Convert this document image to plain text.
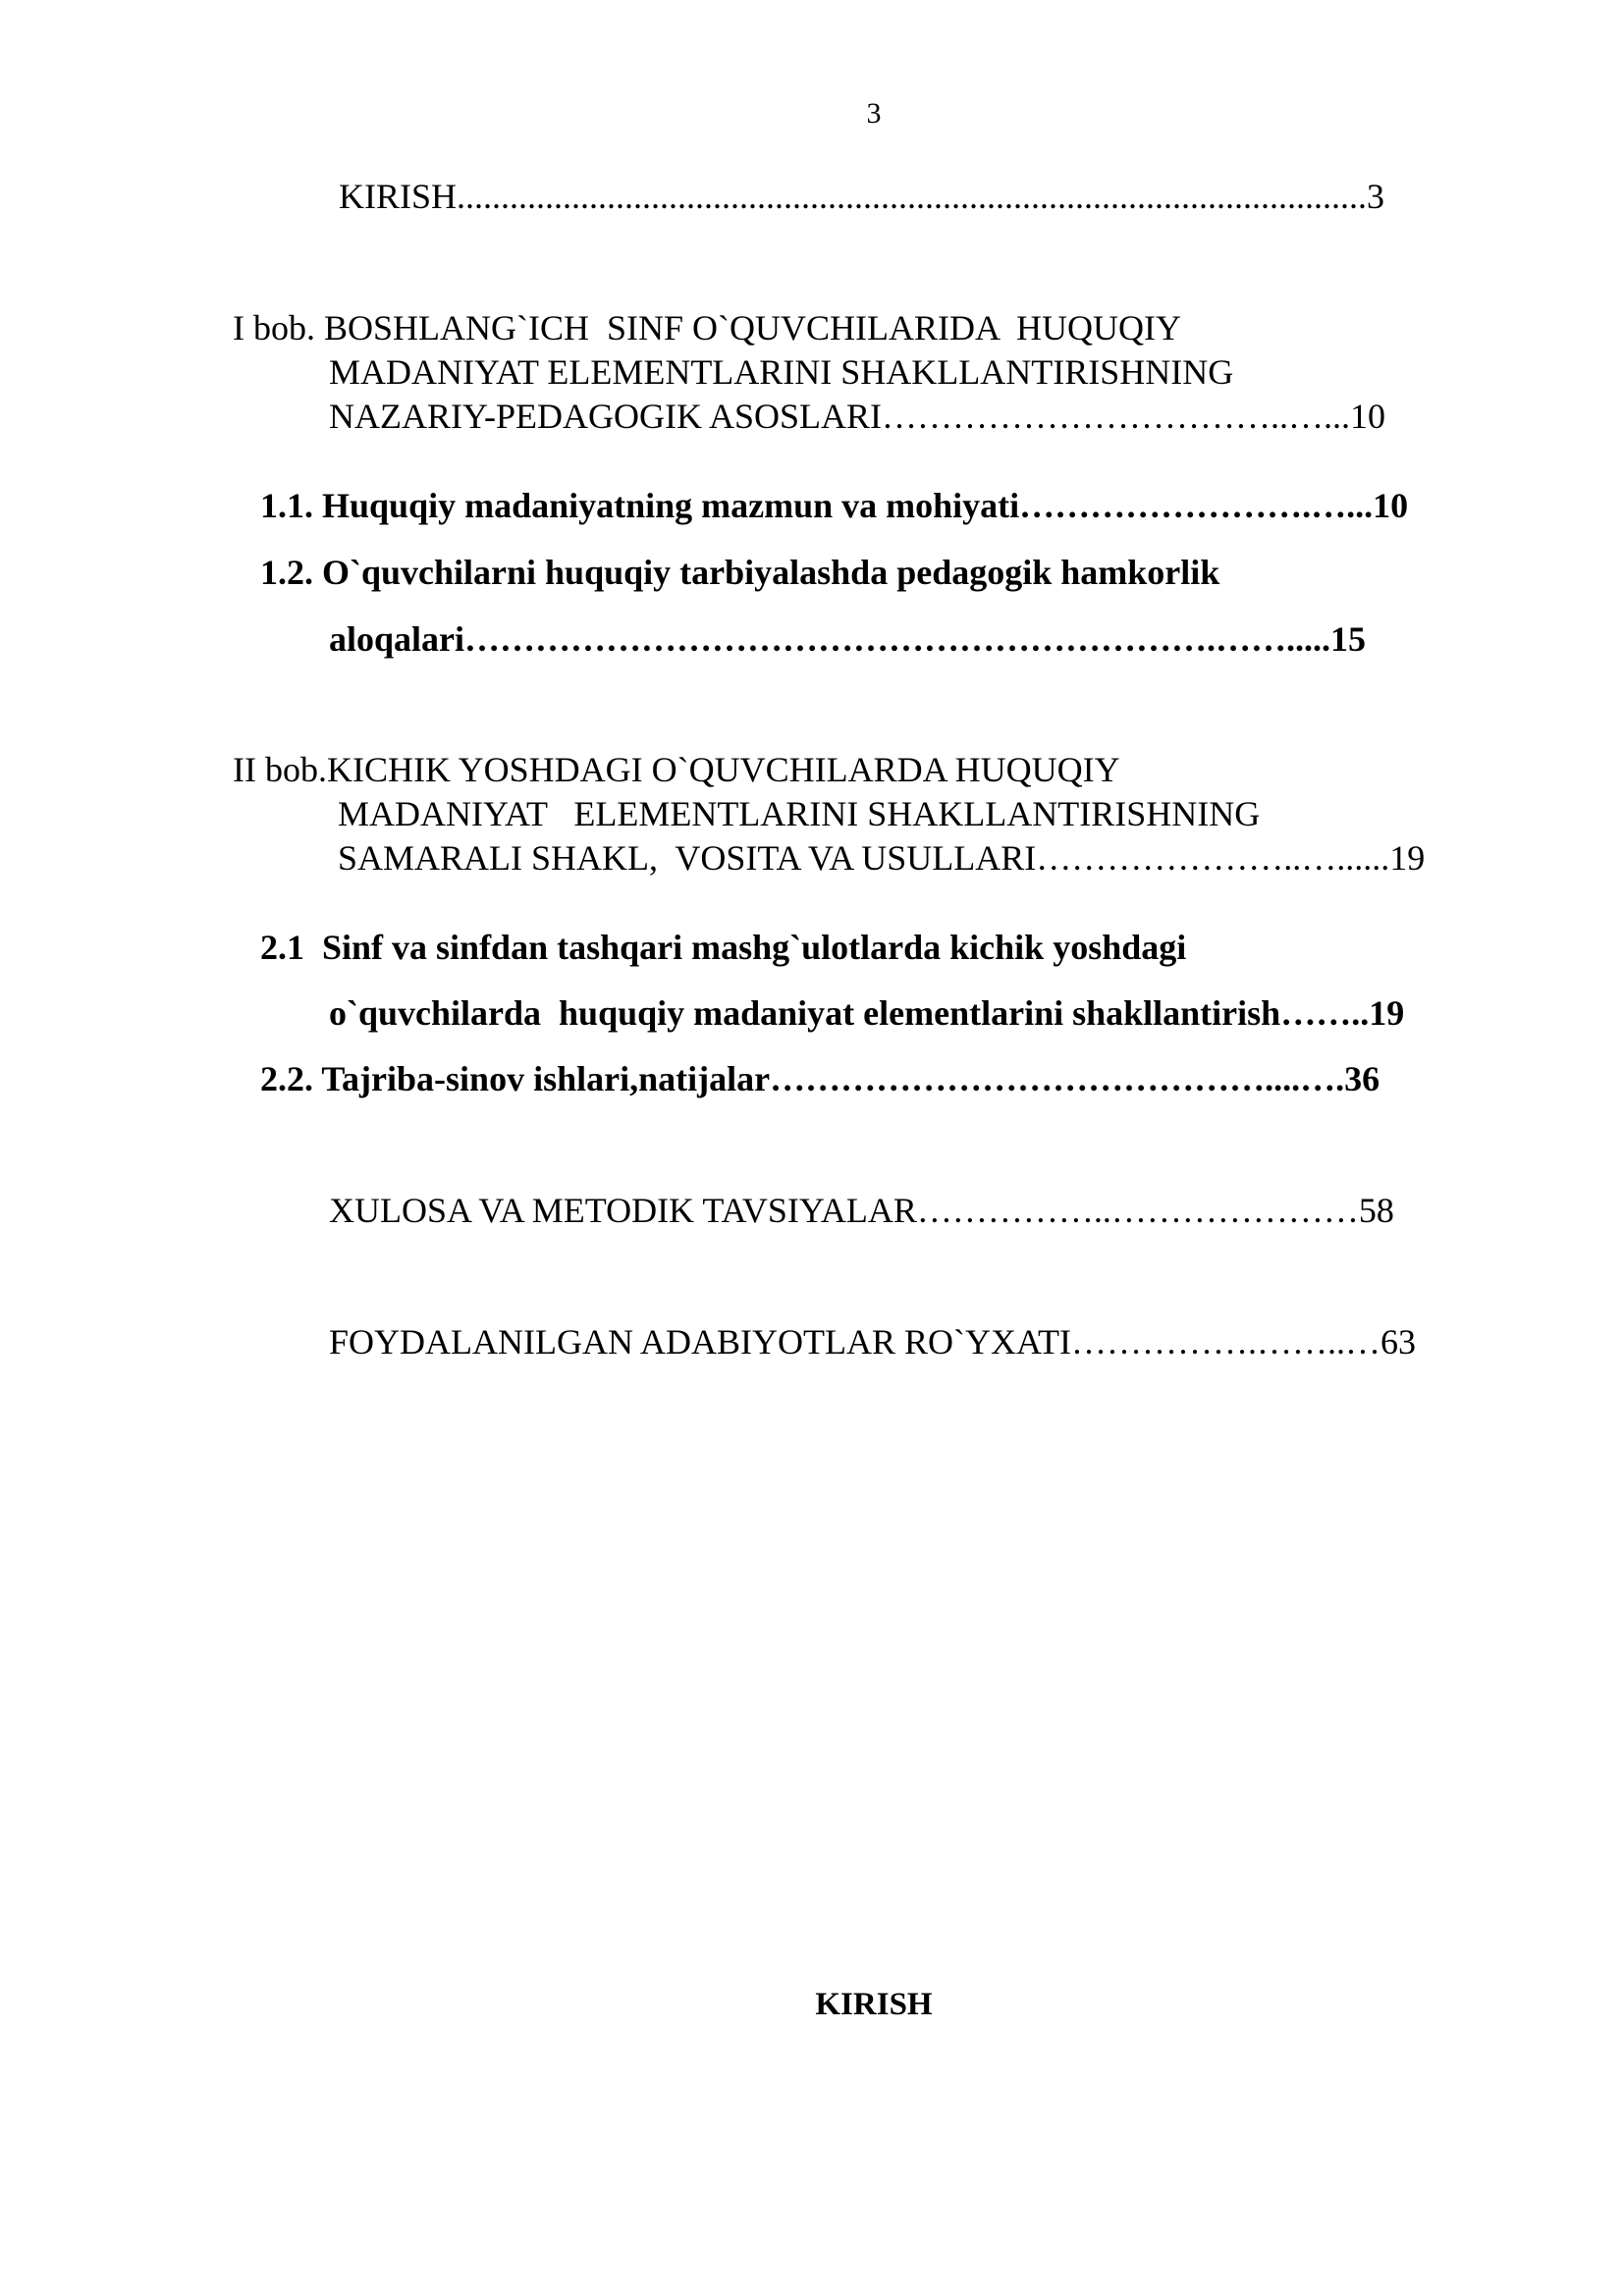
3
KIRISH.......................................................................................................3
I bob. BOSHLANG`ICH  SINF O`QUVCHILARIDA  HUQUQIY
MADANIYAT ELEMENTLARINI SHAKLLANTIRISHNING
NAZARIY-PEDAGOGIK ASOSLARI……………………………..…...10
1.1. Huquqiy madaniyatning mazmun va mohiyati…………………….…...10
1.2. O`quvchilarni huquqiy tarbiyalashda pedagogik hamkorlik
aloqalari……………………………………………………….…….....15
II bob.KICHIK YOSHDAGI O`QUVCHILARDA HUQUQIY
MADANIYAT   ELEMENTLARINI SHAKLLANTIRISHNING
SAMARALI SHAKL,  VOSITA VA USULLARI…………………..…......19
2.1  Sinf va sinfdan tashqari mashg`ulotlarda kichik yoshdagi
o`quvchilarda  huquqiy madaniyat elementlarini shakllantirish……..19
2.2. Tajriba-sinov ishlari,natijalar……………………………………....….36
XULOSA VA METODIK TAVSIYALAR……………..…………………58
FOYDALANILGAN ADABIYOTLAR RO`YXATI…………….……..…63
KIRISH
